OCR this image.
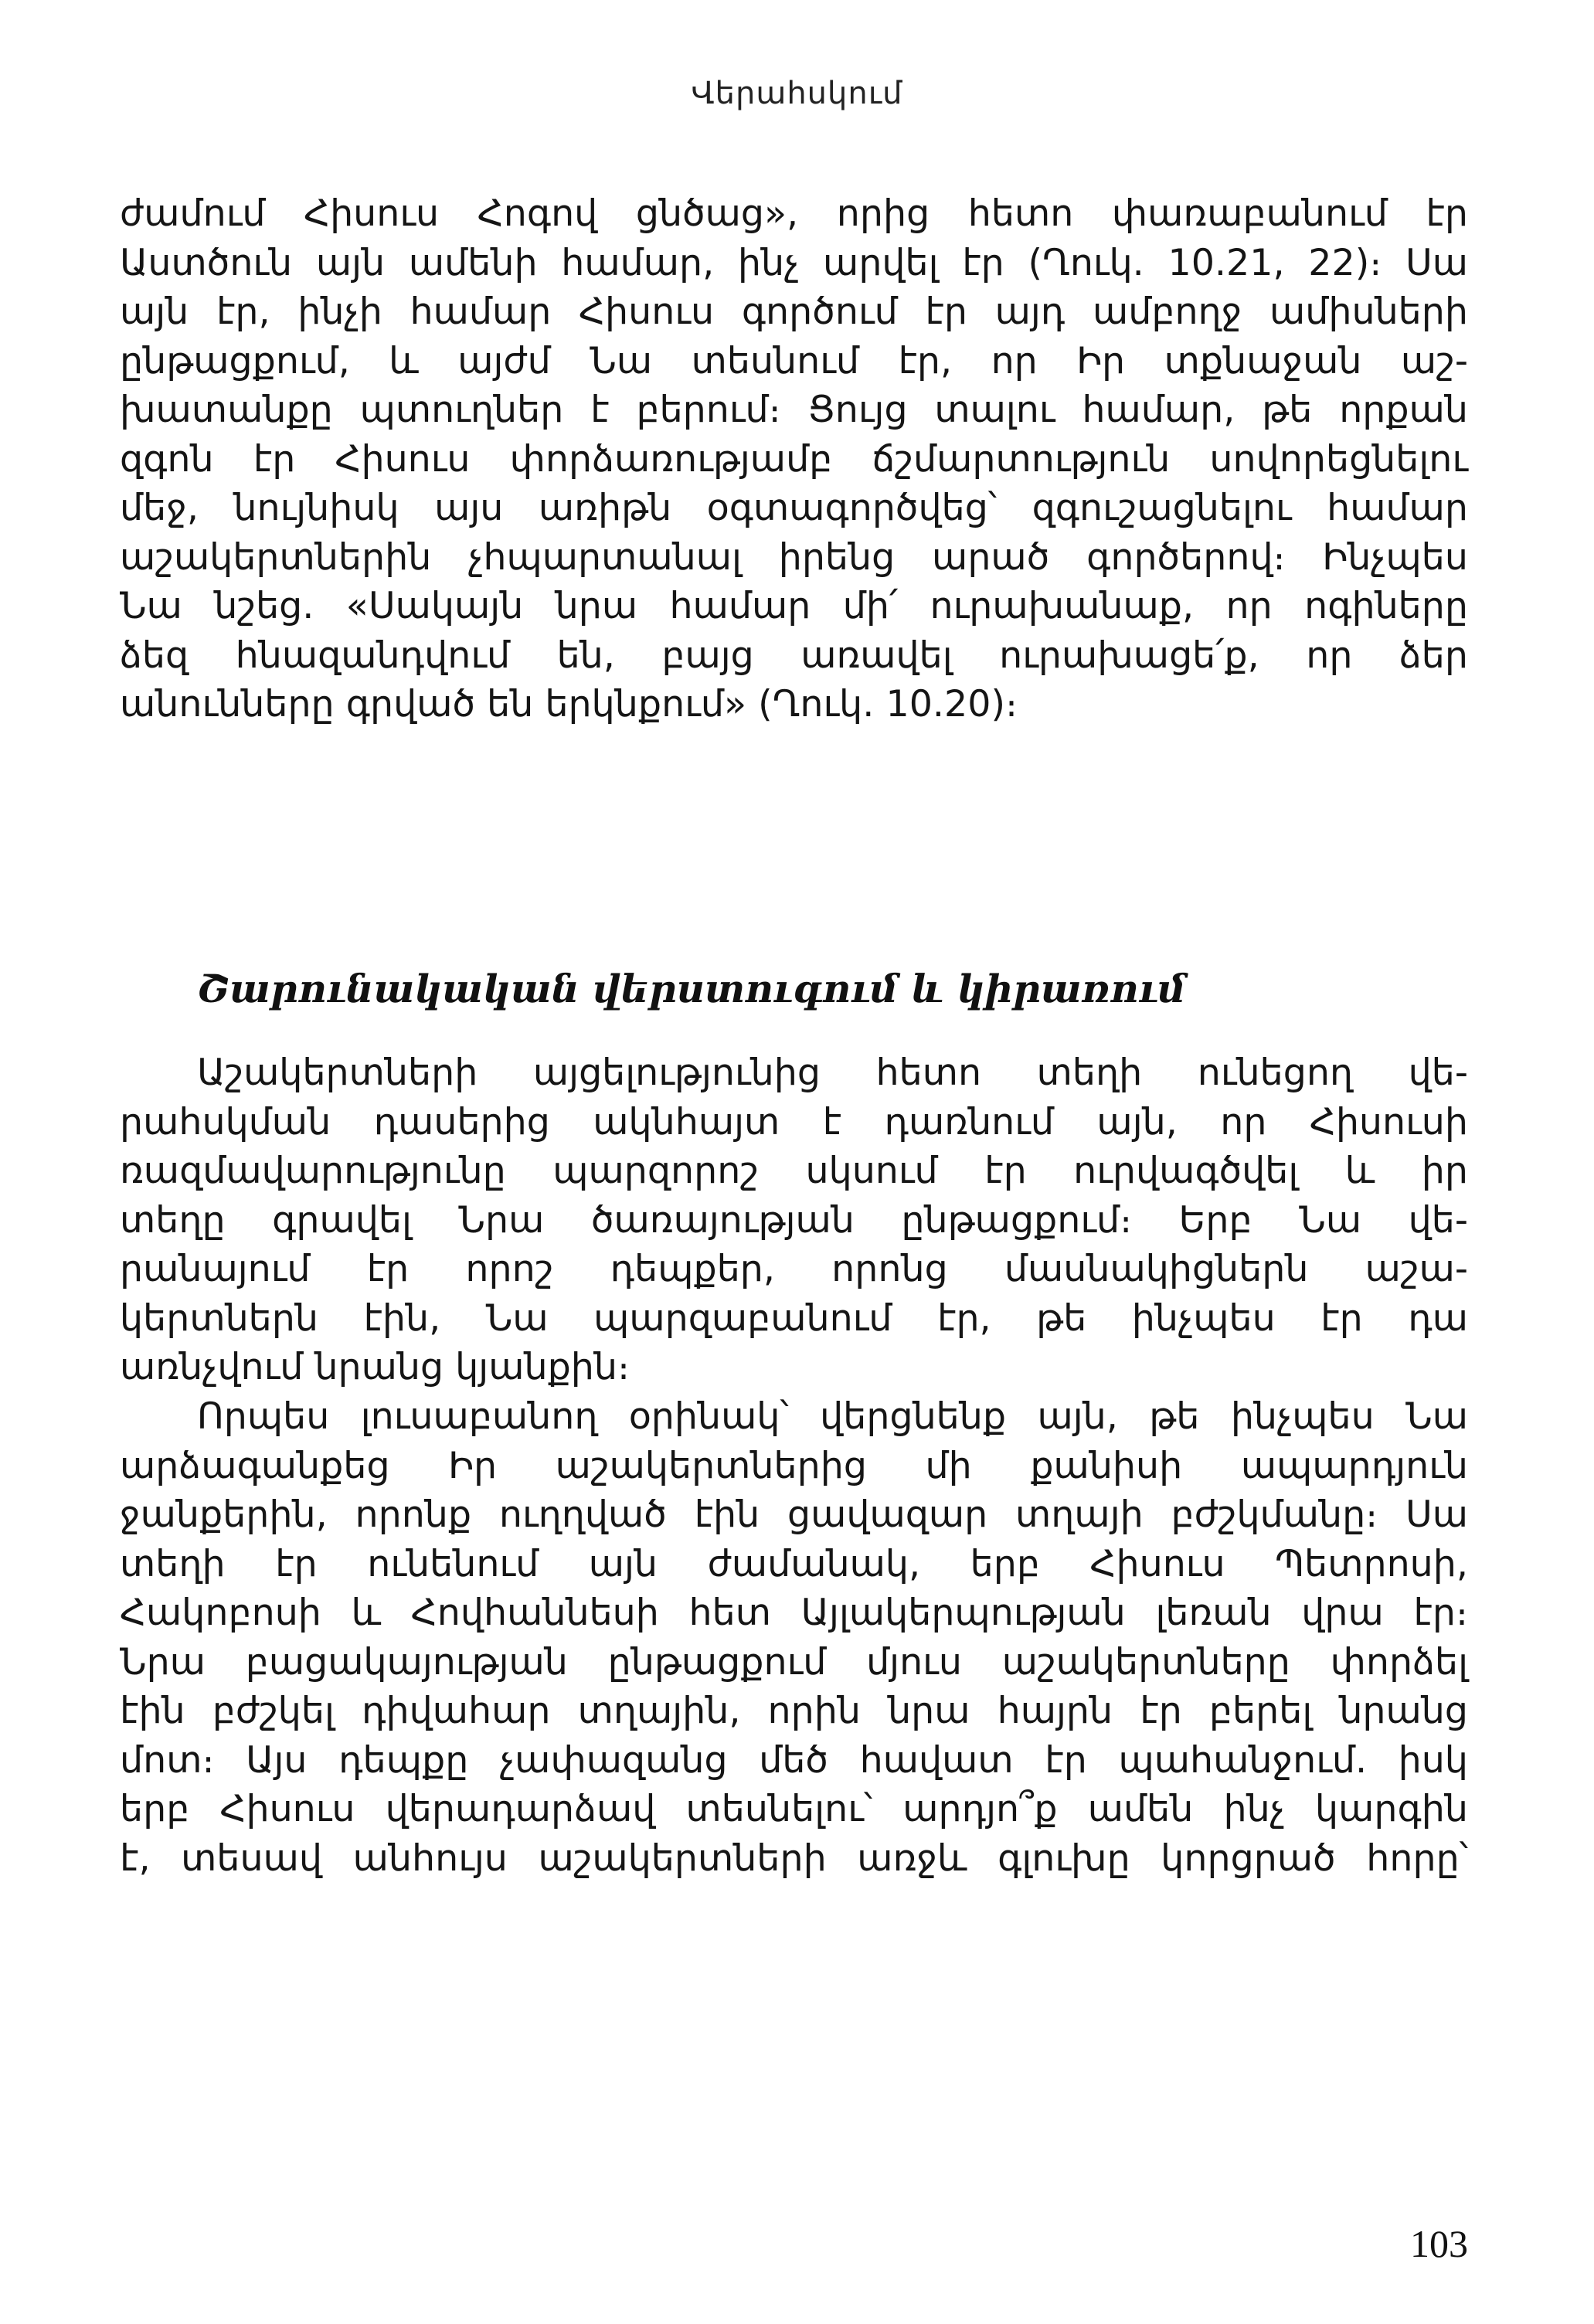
Վերահսկում
ժամում Հիսուս Հոգով ցնծաց», որից հետո փառաբանում էր
Աստծուն այն ամենի համար, ինչ արվել էր (Ղուկ. 10.21, 22)։ Սա
այն էր, ինչի համար Հիսուս գործում էր այդ ամբողջ ամիսների
ընթացքում, և այժմ Նա տեսնում էր, որ Իր տքնաջան աշ-
խատանքը պտուղներ է բերում։ Ցույց տալու համար, թե որքան
զգոն էր Հիսուս փորձառությամբ ճշմարտություն սովորեցնելու
մեջ, նույնիսկ այս առիթն օգտագործվեց՝ զգուշացնելու համար
աշակերտներին չհպարտանալ իրենց արած գործերով։ Ինչպես
Նա նշեց. «Սակայն նրա համար մի՛ ուրախանաք, որ ոգիները
ձեզ հնազանդվում են, բայց առավել ուրախացե՛ք, որ ձեր
անունները գրված են երկնքում» (Ղուկ. 10.20)։
Շարունակական վերստուգում և կիրառում
Աշակերտների այցելությունից հետո տեղի ունեցող վե-
րահսկման դասերից ակնհայտ է դառնում այն, որ Հիսուսի
ռազմավարությունը պարզորոշ սկսում էր ուրվագծվել և իր
տեղը գրավել Նրա ծառայության ընթացքում։ Երբ Նա վե-
րանայում էր որոշ դեպքեր, որոնց մասնակիցներն աշա-
կերտներն էին, Նա պարզաբանում էր, թե ինչպես էր դա
առնչվում նրանց կյանքին։
Որպես լուսաբանող օրինակ՝ վերցնենք այն, թե ինչպես Նա
արձագանքեց Իր աշակերտներից մի քանիսի ապարդյուն
ջանքերին, որոնք ուղղված էին ցավազար տղայի բժշկմանը։ Սա
տեղի էր ունենում այն ժամանակ, երբ Հիսուս Պետրոսի,
Հակոբոսի և Հովհաննեսի հետ Այլակերպության լեռան վրա էր։
Նրա բացակայության ընթացքում մյուս աշակերտները փորձել
էին բժշկել դիվահար տղային, որին նրա հայրն էր բերել նրանց
մոտ։ Այս դեպքը չափազանց մեծ հավատ էր պահանջում. իսկ
երբ Հիսուս վերադարձավ տեսնելու՝ արդյո՞ք ամեն ինչ կարգին
է, տեսավ անհույս աշակերտների առջև գլուխը կորցրած հորը՝
103
